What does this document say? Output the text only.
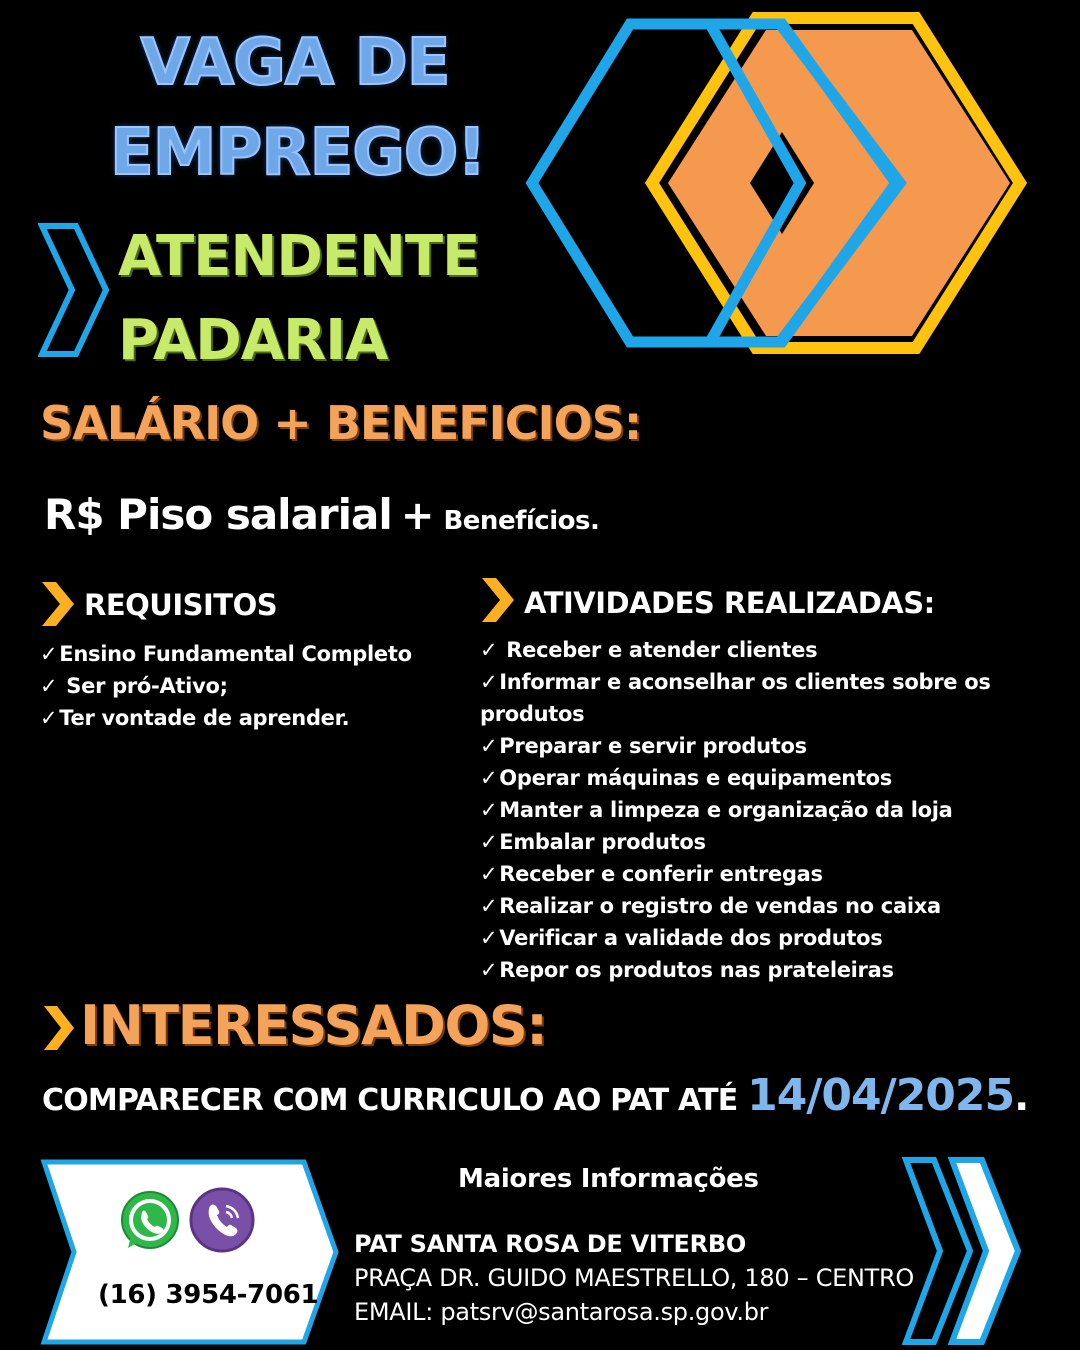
VAGA DE
EMPREGO!
ATENDENTE
PADARIA
SALÁRIO + BENEFICIOS:
R$ Piso salarial + Benefícios.
REQUISITOS
✓ Ensino Fundamental Completo
✓ Ser pró-Ativo;
✓ Ter vontade de aprender.
ATIVIDADES REALIZADAS:
✓ Receber e atender clientes
✓ Informar e aconselhar os clientes sobre os produtos
✓ Preparar e servir produtos
✓ Operar máquinas e equipamentos
✓ Manter a limpeza e organização da loja
✓ Embalar produtos
✓ Receber e conferir entregas
✓ Realizar o registro de vendas no caixa
✓ Verificar a validade dos produtos
✓ Repor os produtos nas prateleiras
INTERESSADOS:
COMPARECER COM CURRICULO AO PAT ATÉ 14/04/2025.
(16) 3954-7061
Maiores Informações
PAT SANTA ROSA DE VITERBO
PRAÇA DR. GUIDO MAESTRELLO, 180 – CENTRO
EMAIL: patsrv@santarosa.sp.gov.br
